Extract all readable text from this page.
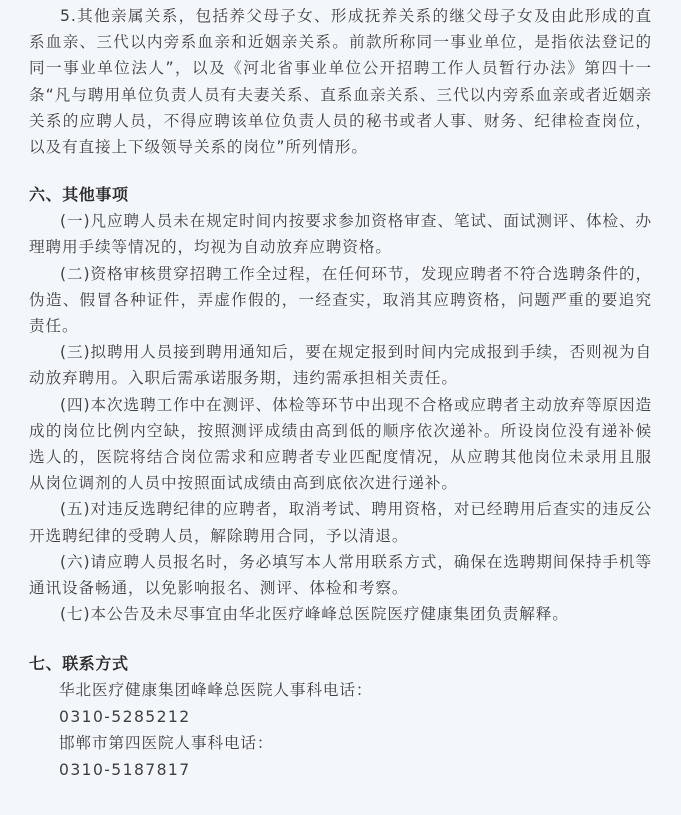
5.其他亲属关系，包括养父母子女、形成抚养关系的继父母子女及由此形成的直系血亲、三代以内旁系血亲和近姻亲关系。前款所称同一事业单位，是指依法登记的同一事业单位法人”，以及《河北省事业单位公开招聘工作人员暂行办法》第四十一条“凡与聘用单位负责人员有夫妻关系、直系血亲关系、三代以内旁系血亲或者近姻亲关系的应聘人员，不得应聘该单位负责人员的秘书或者人事、财务、纪律检查岗位，以及有直接上下级领导关系的岗位”所列情形。

六、其他事项

(一)凡应聘人员未在规定时间内按要求参加资格审查、笔试、面试测评、体检、办理聘用手续等情况的，均视为自动放弃应聘资格。

(二)资格审核贯穿招聘工作全过程，在任何环节，发现应聘者不符合选聘条件的，伪造、假冒各种证件，弄虚作假的，一经查实，取消其应聘资格，问题严重的要追究责任。

(三)拟聘用人员接到聘用通知后，要在规定报到时间内完成报到手续，否则视为自动放弃聘用。入职后需承诺服务期，违约需承担相关责任。

(四)本次选聘工作中在测评、体检等环节中出现不合格或应聘者主动放弃等原因造成的岗位比例内空缺，按照测评成绩由高到低的顺序依次递补。所设岗位没有递补候选人的，医院将结合岗位需求和应聘者专业匹配度情况，从应聘其他岗位未录用且服从岗位调剂的人员中按照面试成绩由高到底依次进行递补。

(五)对违反选聘纪律的应聘者，取消考试、聘用资格，对已经聘用后查实的违反公开选聘纪律的受聘人员，解除聘用合同，予以清退。

(六)请应聘人员报名时，务必填写本人常用联系方式，确保在选聘期间保持手机等通讯设备畅通，以免影响报名、测评、体检和考察。

(七)本公告及未尽事宜由华北医疗峰峰总医院医疗健康集团负责解释。

七、联系方式

华北医疗健康集团峰峰总医院人事科电话：

0310-5285212

邯郸市第四医院人事科电话：

0310-5187817
